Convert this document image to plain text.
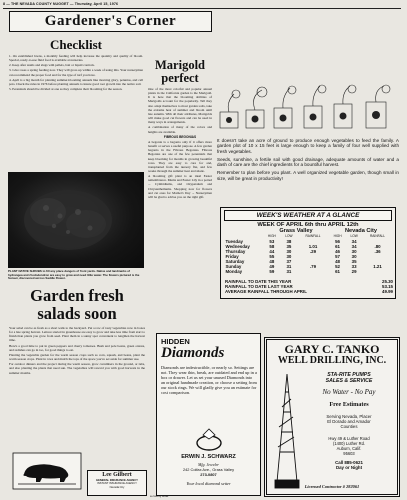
8 — THE NEVADA COUNTY NUGGET — Thursday, April 15, 1976
Gardener's Corner
Checklist

1. On established lawns, a monthly feeding will help increase the quantity and quality of bloom. Special, ready-to-use fluid food is available at nurseries.

2. Keep after snails and slugs with pellets, bait or liquid controls.

3. Give roses a spring feeding now. They will grow-up within a week of using this. Your nurseryman can recommend the proper food and for the type of turf you have.

4. April is a big month for planting summer-blooming annuals like morning glory, petunias, and cell pots. Check the rules in 1976 before planting annuals to insure good root growth into the native soil.

5. Perennials should be divided at one as they complete their blooming for the season.

PLANT NATIVE SHRUBS to fill any place dangers of front yards. Native and landmarks of hydrangea and rhododendron are easy to grow and need little water. The flowers pictured is the Sunset, discovered across Saddle Flower.
Garden fresh
salads soon

Your salad can be as fresh as a short walk to the backyard. Put a row of tasty vegetables now in boxes for a late spring harvest. Lettuce started in greenhouse are easy to grow and take less time from start to finish than plants you grow from seed. Plant them in a sunny spot convenient to lengthen the harvest time.

Here's a good time to put in green peppers and cherry tomatoes. Bush and pole beans, green onions, and radishes can go in too, for good things to eat.

Planting the vegetable garden for the warm season crops such as corn, squash, and beans, plant the warm season crops. Plant in rows and mulch the tops of the space you've set aside for summer use.

For outdoor dinners and the project during the warm season, grow cucumbers in the ground, or tubs, and also planting the plants that need sun. The vegetables will reward you with good harvests in the summer months.

Lee Gilbert
GENERAL INSURANCE AGENCY
INSTANT INSURANCE AGENCY
Nevada City
Marigold
perfect

One of the most colorful and popular annual plants in the California garden is the Marigold. It is here that the blooming abilities of Marigolds account for the popularity. Tall they also adapt themselves to most garden soils, take the extreme heat of summer and bloom until late autumn. With all their attributes, Marigolds will make good cut flowers and can be used in many ways in arrangements.

A combination of many of the colors and heights are available.

FIBROUS BEGONIAS

A begonia is a begonia only if it offers more benefit or serves a useful purpose. A few garden begonia in the Fibrous Begonias. Fibrous Begonias are one of the few perennials that keep blooming for months in growing beautiful rows. They are easy to care for and, transplanted from the nursery flat, and few weeks through the summer heat and shade.

A blooming gift plant is an ideal Easter remembrance. Mums and Easter Lily in a potted ... Cymbidiums, and Oxypetalum and Chrysanthemums. Shopping now for flowers and cut ones for Mother's Day ... Nurserymen will be glad to advise you on the right gift.

It doesn't take an acre of ground to produce enough vegetables to feed the family. A garden plot of 10 x 15 feet is large enough to keep a family of four well supplied with fresh vegetables.

Seeds, sunshine, a fertile soil with good drainage, adequate amounts of water and a dash of care are the chief ingredients for a bountiful harvest.

Remember to plan before you plant. A well organized vegetable garden, though small in size, will be great in productivity!

WEEK'S WEATHER AT A GLANCE
WEEK OF APRIL 6th thru APRIL 12th
	Grass Valley			Nevada City		
	HIGH	LOW	RAINFALL	HIGH	LOW	RAINFALL
Tuesday	53	38		56	34	
Wednesday	58	35	1.01	61	34	.80
Thursday	44	30	.29	46	30	.36
Friday	55	30		57	30	
Saturday	48	37		48	35	
Sunday	49	31	.79	52	33	1.21
Monday	59	31		61	29	
RAINFALL TO DATE THIS YEAR	25.30
RAINFALL TO DATE LAST YEAR	53.15
AVERAGE RAINFALL THROUGH APRIL	49.99
HIDDEN
Diamonds
Diamonds are indestructible, or nearly so. Settings are not. They wear thin, break, are outdated and end up in a box or drawer. Let us set your unused Diamonds into an original handmade creation, or choose a setting from our stock rings. We will gladly give you an estimate for cost comparison.
ERWIN J. SCHWARZ
Mfg. Jeweler
242 Colfax Ave., Grass Valley
273-0807
Your local diamond setter
GARY C. TANKO
WELL DRILLING, INC.
STA-RITE PUMPS
SALES & SERVICE
No Water - No Pay
Free Estimates
Serving Nevada, Placer
El Dorado and Amador
Counties
Hwy 49 & Luther Road
(1400) Luther Rd.
Auburn, Calif.
95603
Call 885-0621
Day or Night
Licensed Contractor # 282061
a county wide
